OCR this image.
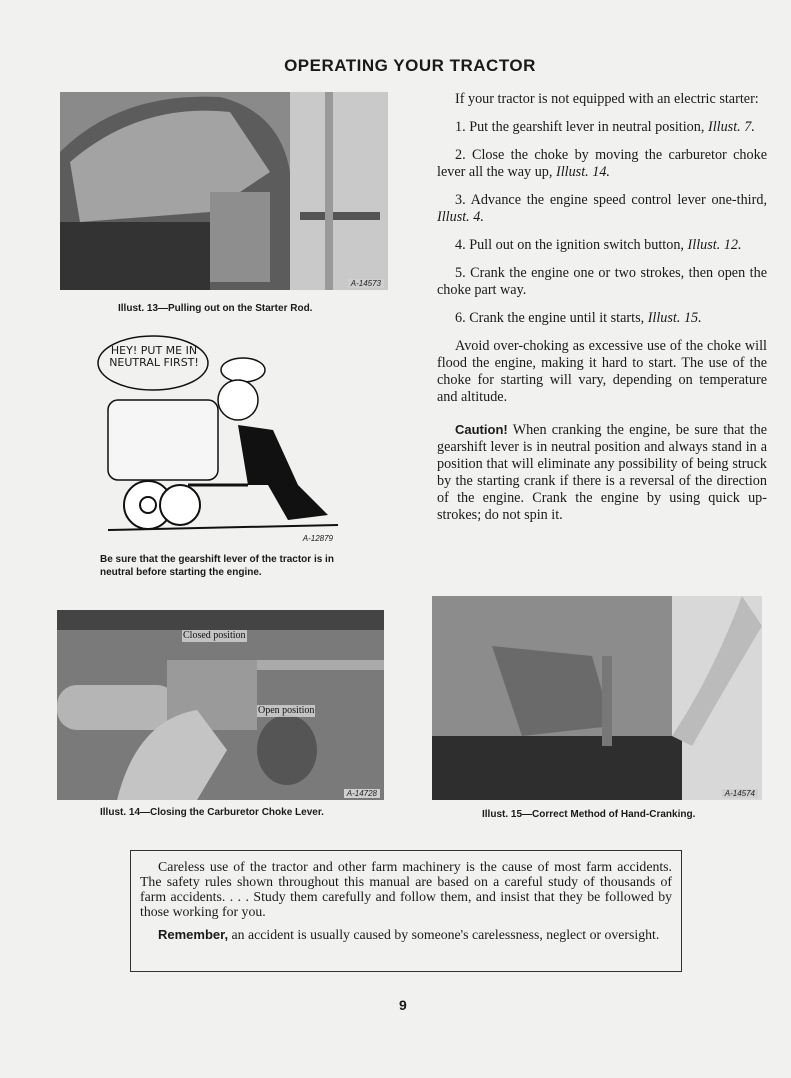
OPERATING YOUR TRACTOR
A-14573
Illust. 13—Pulling out on the Starter Rod.
HEY! PUT ME IN NEUTRAL FIRST!
A-12879
Be sure that the gearshift lever of the tractor is in neutral before starting the engine.

If your tractor is not equipped with an electric starter:

1. Put the gearshift lever in neutral position, Illust. 7.

2. Close the choke by moving the carburetor choke lever all the way up, Illust. 14.

3. Advance the engine speed control lever one-third, Illust. 4.

4. Pull out on the ignition switch button, Illust. 12.

5. Crank the engine one or two strokes, then open the choke part way.

6. Crank the engine until it starts, Illust. 15.

Avoid over-choking as excessive use of the choke will flood the engine, making it hard to start. The use of the choke for starting will vary, depending on temperature and altitude.

Caution! When cranking the engine, be sure that the gearshift lever is in neutral position and always stand in a position that will eliminate any possibility of being struck by the starting crank if there is a reversal of the direction of the engine. Crank the engine by using quick up-strokes; do not spin it.

Closed position
Open position
A-14728
Illust. 14—Closing the Carburetor Choke Lever.
A-14574
Illust. 15—Correct Method of Hand-Cranking.

Careless use of the tractor and other farm machinery is the cause of most farm accidents. The safety rules shown throughout this manual are based on a careful study of thousands of farm accidents. . . . Study them carefully and follow them, and insist that they be followed by those working for you.

Remember, an accident is usually caused by someone's carelessness, neglect or oversight.

9
